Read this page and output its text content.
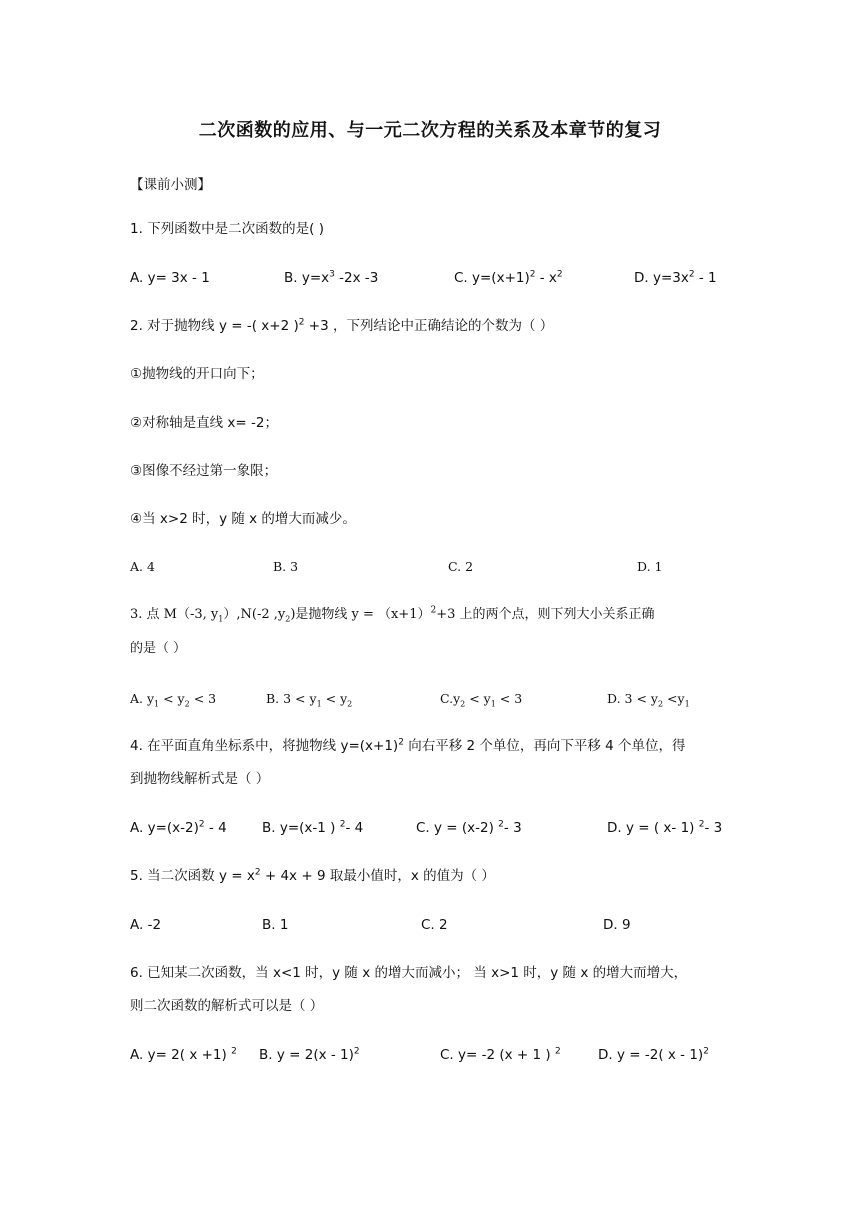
二次函数的应用、与一元二次方程的关系及本章节的复习
【课前小测】
1. 下列函数中是二次函数的是( )
A. y= 3x - 1	B. $y=x^3$ -2x -3	C. $y=(x+1)^2 - x^2$	D. $y=3x^2 - 1$
2. 对于抛物线 y = -( x+2 )$^2$ +3 ，下列结论中正确结论的个数为（ ）
①抛物线的开口向下；
②对称轴是直线 x= -2；
③图像不经过第一象限；
④当 x>2 时，y 随 x 的增大而减少。
A. 4	B. 3	C. 2	D. 1
3. 点 M（-3, $y_1),N(-2$ $,y_2$)是抛物线 $y = (x+1)^2+3$ 上的两个点，则下列大小关系正确
的是（ ）
A. $y_1 < y_2 < 3$	B. $3 < y_1 < y_2$	$C.y_2 < y_1 < 3$	D. $3 < y_2 <y_1$
4. 在平面直角坐标系中，将抛物线 $y=(x+1)^2$ 向右平移 2 个单位，再向下平移 4 个单位，得
到抛物线解析式是（ ）
A. $y=(x-2)^2 - 4$	B. y=(x-1 ) $^2$- 4	C. y = (x-2) $^2$- 3	D. y = ( x- 1) $^2$- 3
5. 当二次函数 $y = x^2 + 4x + 9$ 取最小值时，x 的值为（ ）
A. -2	B. 1	C. 2	D. 9
6. 已知某二次函数，当 x<1 时，y 随 x 的增大而减小； 当 x>1 时，y 随 x 的增大而增大，
则二次函数的解析式可以是（ ）
A. y= 2( x +1) $^2$ B. y = 2(x - 1)$^2$	C. y= -2 (x + 1 ) $^2$	D. y = -2( x - 1)$^2$
